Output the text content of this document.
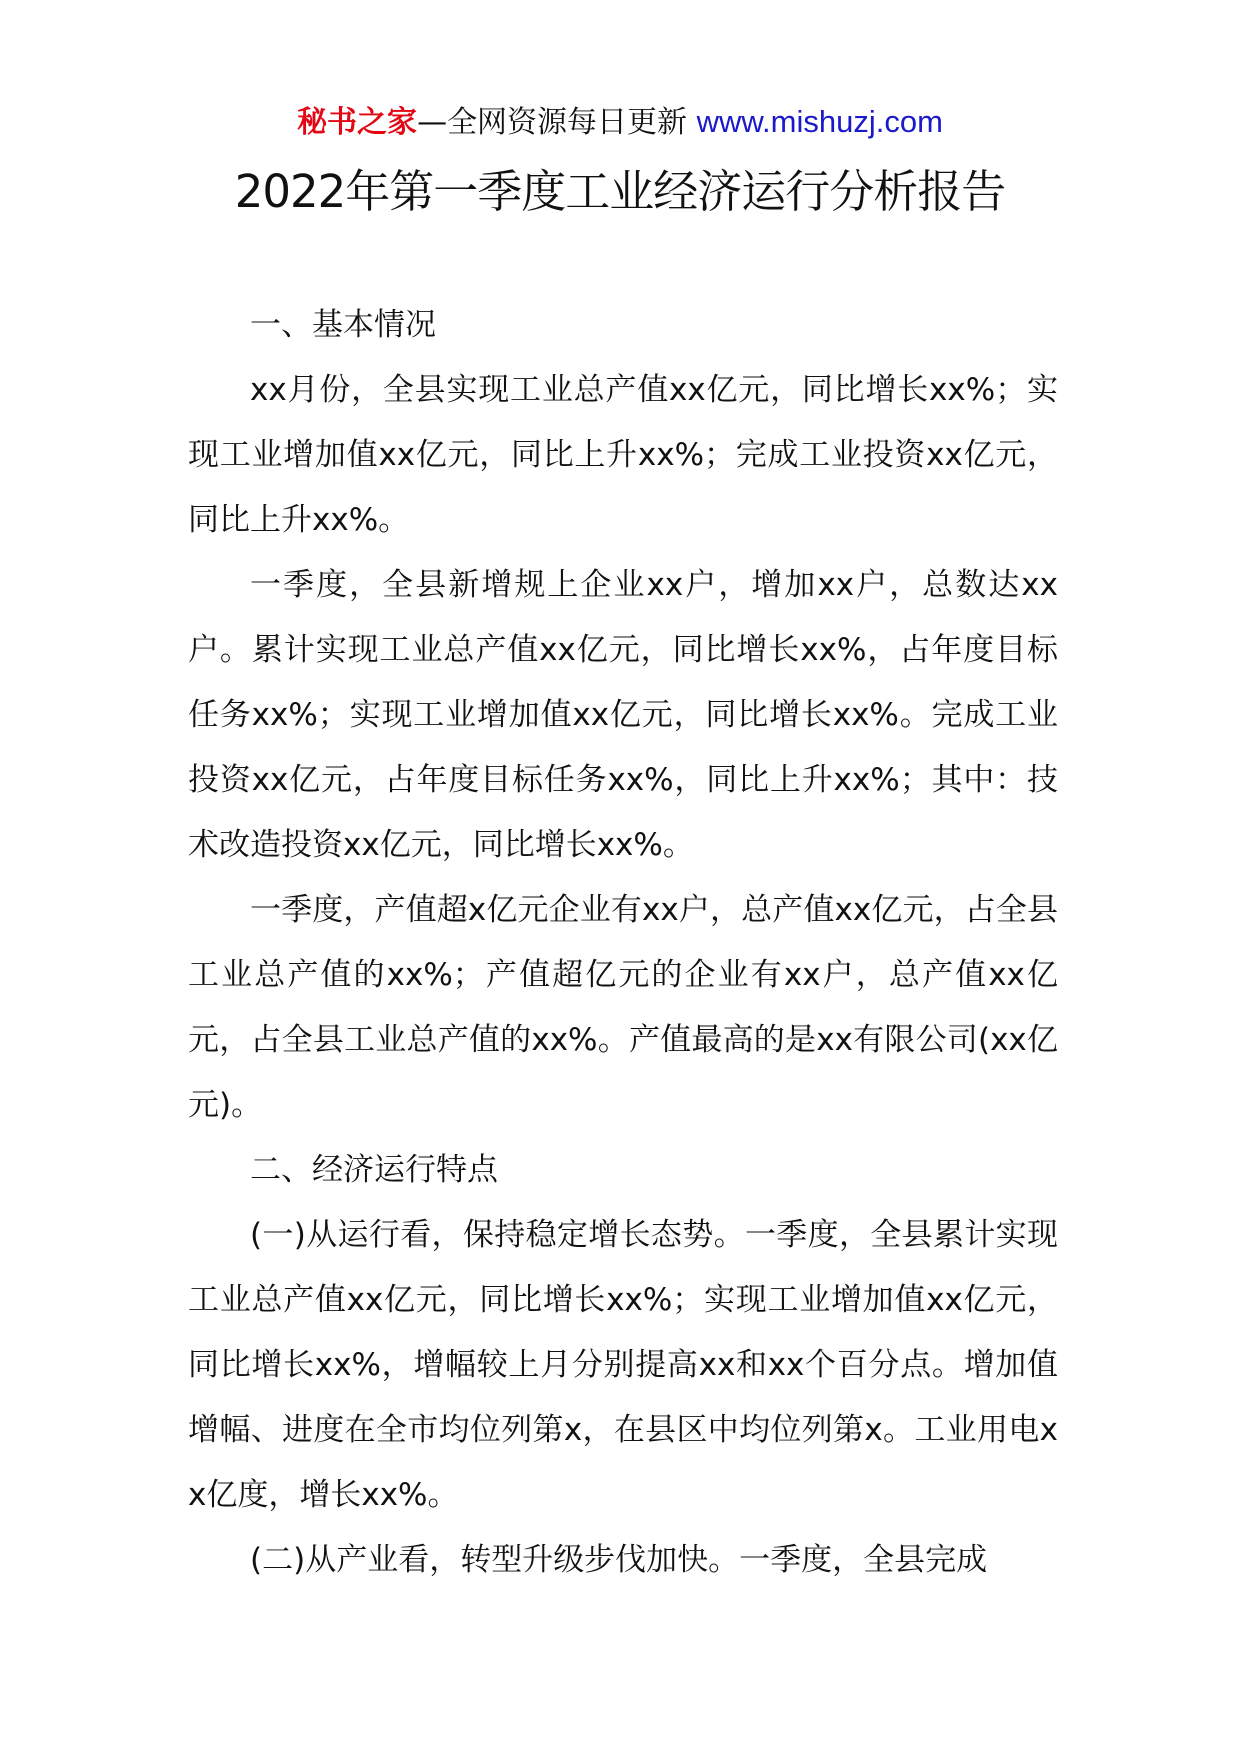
秘书之家—全网资源每日更新 www.mishuzj.com
2022年第一季度工业经济运行分析报告

一、基本情况

xx月份，全县实现工业总产值xx亿元，同比增长xx%；实现工业增加值xx亿元，同比上升xx%；完成工业投资xx亿元，同比上升xx%。

一季度，全县新增规上企业xx户，增加xx户，总数达xx户。累计实现工业总产值xx亿元，同比增长xx%，占年度目标任务xx%；实现工业增加值xx亿元，同比增长xx%。完成工业投资xx亿元，占年度目标任务xx%，同比上升xx%；其中：技术改造投资xx亿元，同比增长xx%。

一季度，产值超x亿元企业有xx户，总产值xx亿元，占全县工业总产值的xx%；产值超亿元的企业有xx户，总产值xx亿元，占全县工业总产值的xx%。产值最高的是xx有限公司(xx亿元)。

二、经济运行特点

(一)从运行看，保持稳定增长态势。一季度，全县累计实现工业总产值xx亿元，同比增长xx%；实现工业增加值xx亿元，同比增长xx%，增幅较上月分别提高xx和xx个百分点。增加值增幅、进度在全市均位列第x，在县区中均位列第x。工业用电xx亿度，增长xx%。

(二)从产业看，转型升级步伐加快。一季度，全县完成
